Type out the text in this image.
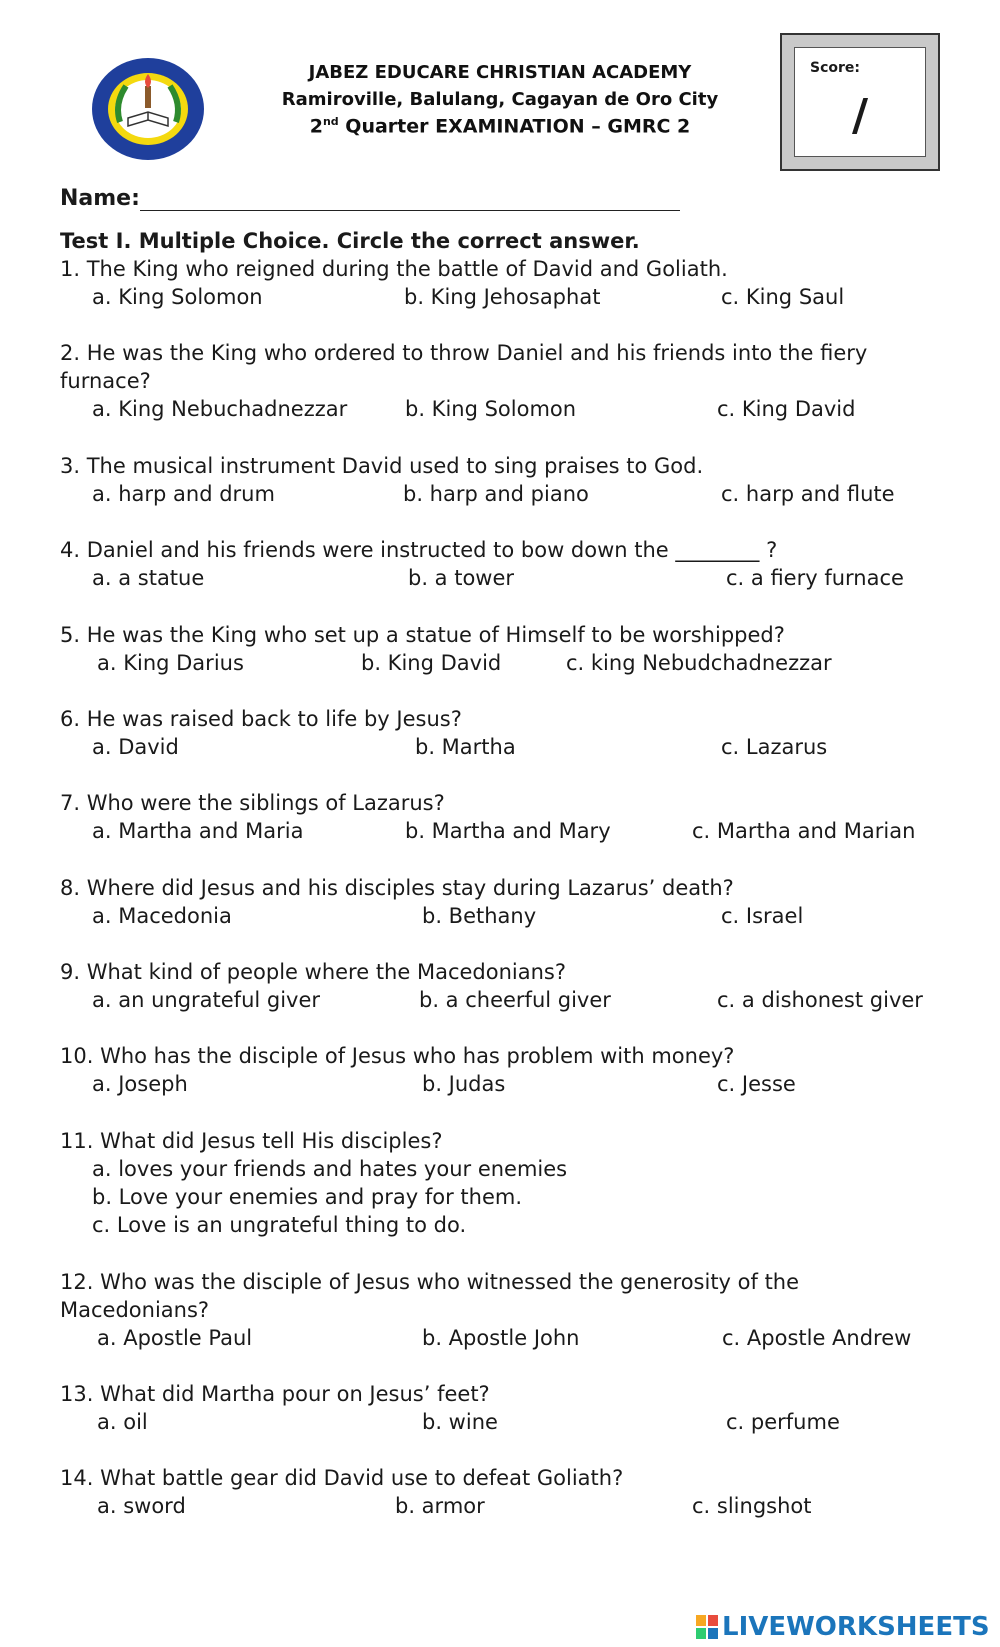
JABEZ EDUCARE CHRISTIAN ACADEMY
Ramiroville, Balulang, Cagayan de Oro City
2nd Quarter EXAMINATION – GMRC 2
Score:
/
Name:
Test I. Multiple Choice. Circle the correct answer.
1. The King who reigned during the battle of David and Goliath.
a. King Solomon	b. King Jehosaphat	c. King Saul
2. He was the King who ordered to throw Daniel and his friends into the fiery
furnace?
a. King Nebuchadnezzar	b. King Solomon	c. King David
3. The musical instrument David used to sing praises to God.
a. harp and drum	b. harp and piano	c. harp and flute
4. Daniel and his friends were instructed to bow down the ________ ?
a. a statue	b. a tower	c. a fiery furnace
5. He was the King who set up a statue of Himself to be worshipped?
a. King Darius	b. King David	c. king Nebudchadnezzar
6. He was raised back to life by Jesus?
a. David	b. Martha	c. Lazarus
7. Who were the siblings of Lazarus?
a. Martha and Maria	b. Martha and Mary	c. Martha and Marian
8. Where did Jesus and his disciples stay during Lazarus’ death?
a. Macedonia	b. Bethany	c. Israel
9. What kind of people where the Macedonians?
a. an ungrateful giver	b. a cheerful giver	c. a dishonest giver
10. Who has the disciple of Jesus who has problem with money?
a. Joseph	b. Judas	c. Jesse
11. What did Jesus tell His disciples?
a. loves your friends and hates your enemies
b. Love your enemies and pray for them.
c. Love is an ungrateful thing to do.
12. Who was the disciple of Jesus who witnessed the generosity of the
Macedonians?
a. Apostle Paul	b. Apostle John	c. Apostle Andrew
13. What did Martha pour on Jesus’ feet?
a. oil	b. wine	c. perfume
14. What battle gear did David use to defeat Goliath?
a. sword	b. armor	c. slingshot
LIVEWORKSHEETS
